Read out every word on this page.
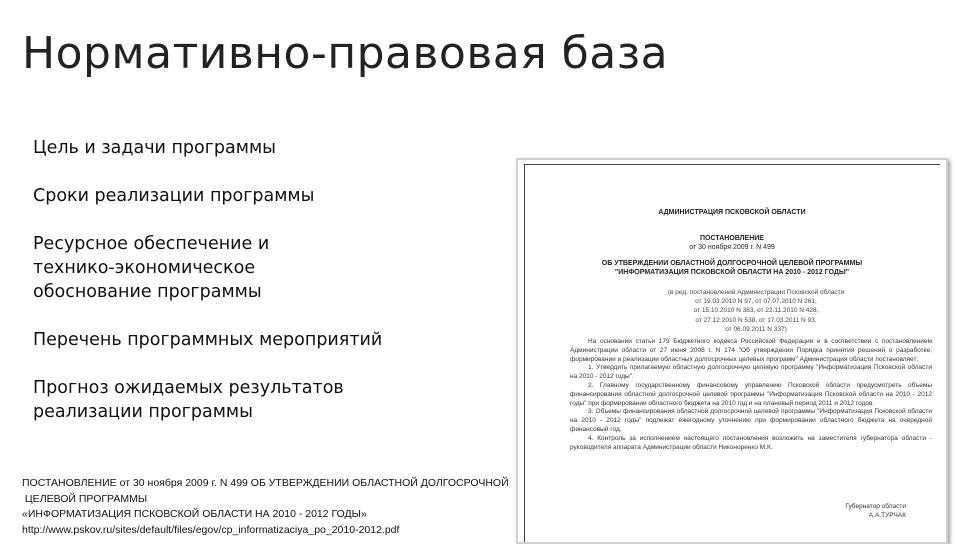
Нормативно-правовая база

Цель и задачи программы

Сроки реализации программы

Ресурсное обеспечение и
технико-экономическое
обоснование программы

Перечень программных мероприятий

Прогноз ожидаемых результатов
реализации программы

ПОСТАНОВЛЕНИЕ от 30 ноября 2009 г. N 499 ОБ УТВЕРЖДЕНИИ ОБЛАСТНОЙ ДОЛГОСРОЧНОЙ
ЦЕЛЕВОЙ ПРОГРАММЫ
«ИНФОРМАТИЗАЦИЯ ПСКОВСКОЙ ОБЛАСТИ НА 2010 - 2012 ГОДЫ»
http://www.pskov.ru/sites/default/files/egov/cp_informatizaciya_po_2010-2012.pdf
АДМИНИСТРАЦИЯ ПСКОВСКОЙ ОБЛАСТИ
ПОСТАНОВЛЕНИЕ
от 30 ноября 2009 г. N 499
ОБ УТВЕРЖДЕНИИ ОБЛАСТНОЙ ДОЛГОСРОЧНОЙ ЦЕЛЕВОЙ ПРОГРАММЫ
"ИНФОРМАТИЗАЦИЯ ПСКОВСКОЙ ОБЛАСТИ НА 2010 - 2012 ГОДЫ"
(в ред. постановлений Администрации Псковской области
от 19.03.2010 N 97, от 07.07.2010 N 261,
от 15.10.2010 N 383, от 22.11.2010 N 428,
от 27.12.2010 N 538, от 17.03.2011 N 93,
от 06.09.2011 N 337)

На основании статьи 179 Бюджетного кодекса Российской Федерации и в соответствии с постановлением Администрации области от 27 июня 2008 г. N 174 "Об утверждении Порядка принятия решений о разработке, формировании и реализации областных долгосрочных целевых программ" Администрация области постановляет:

1. Утвердить прилагаемую областную долгосрочную целевую программу "Информатизация Псковской области на 2010 - 2012 годы".

2. Главному государственному финансовому управлению Псковской области предусмотреть объемы финансирования областной долгосрочной целевой программы "Информатизация Псковской области на 2010 - 2012 годы" при формировании областного бюджета на 2010 год и на плановый период 2011 и 2012 годов.

3. Объемы финансирования областной долгосрочной целевой программы "Информатизация Псковской области на 2010 - 2012 годы" подлежат ежегодному уточнению при формировании областного бюджета на очередной финансовый год.

4. Контроль за исполнением настоящего постановления возложить на заместителя губернатора области - руководителя аппарата Администрации области Никоноренко М.К.

Губернатор области
А.А.ТУРЧАК
